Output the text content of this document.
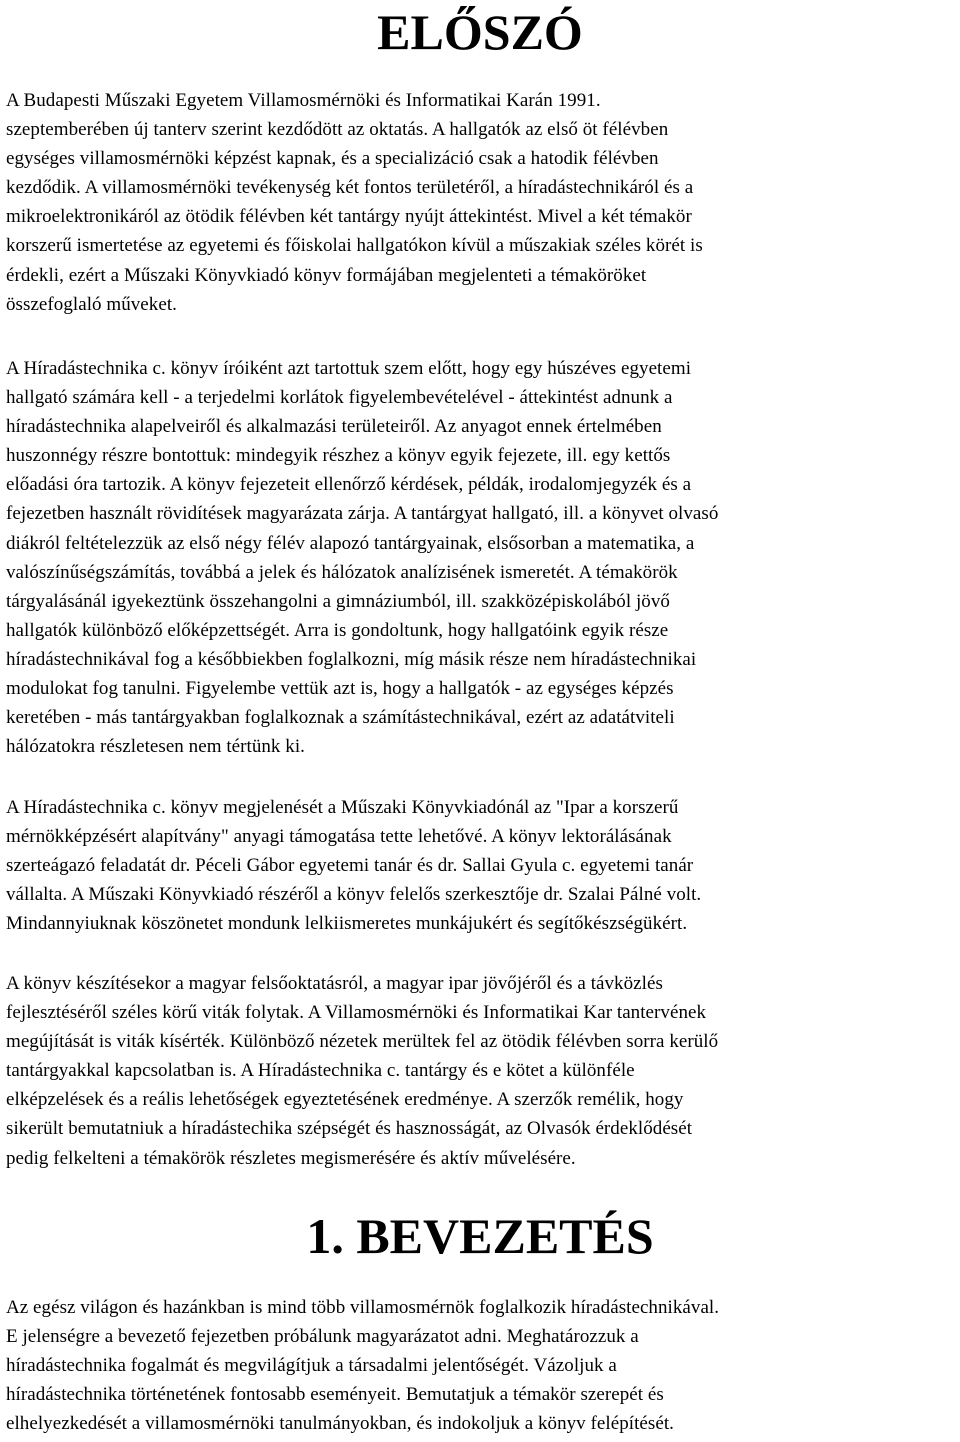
ELŐSZÓ

A Budapesti Műszaki Egyetem Villamosmérnöki és Informatikai Karán 1991.
szeptemberében új tanterv szerint kezdődött az oktatás. A hallgatók az első öt félévben
egységes villamosmérnöki képzést kapnak, és a specializáció csak a hatodik félévben
kezdődik. A villamosmérnöki tevékenység két fontos területéről, a híradástechnikáról és a
mikroelektronikáról az ötödik félévben két tantárgy nyújt áttekintést. Mivel a két témakör
korszerű ismertetése az egyetemi és főiskolai hallgatókon kívül a műszakiak széles körét is
érdekli, ezért a Műszaki Könyvkiadó könyv formájában megjelenteti a témaköröket
összefoglaló műveket.

A Híradástechnika c. könyv íróiként azt tartottuk szem előtt, hogy egy húszéves egyetemi
hallgató számára kell - a terjedelmi korlátok figyelembevételével - áttekintést adnunk a
híradástechnika alapelveiről és alkalmazási területeiről. Az anyagot ennek értelmében
huszonnégy részre bontottuk: mindegyik részhez a könyv egyik fejezete, ill. egy kettős
előadási óra tartozik. A könyv fejezeteit ellenőrző kérdések, példák, irodalomjegyzék és a
fejezetben használt rövidítések magyarázata zárja. A tantárgyat hallgató, ill. a könyvet olvasó
diákról feltételezzük az első négy félév alapozó tantárgyainak, elsősorban a matematika, a
valószínűségszámítás, továbbá a jelek és hálózatok analízisének ismeretét. A témakörök
tárgyalásánál igyekeztünk összehangolni a gimnáziumból, ill. szakközépiskolából jövő
hallgatók különböző előképzettségét. Arra is gondoltunk, hogy hallgatóink egyik része
híradástechnikával fog a későbbiekben foglalkozni, míg másik része nem híradástechnikai
modulokat fog tanulni. Figyelembe vettük azt is, hogy a hallgatók - az egységes képzés
keretében - más tantárgyakban foglalkoznak a számítástechnikával, ezért az adatátviteli
hálózatokra részletesen nem tértünk ki.

A Híradástechnika c. könyv megjelenését a Műszaki Könyvkiadónál az "Ipar a korszerű
mérnökképzésért alapítvány" anyagi támogatása tette lehetővé. A könyv lektorálásának
szerteágazó feladatát dr. Péceli Gábor egyetemi tanár és dr. Sallai Gyula c. egyetemi tanár
vállalta. A Műszaki Könyvkiadó részéről a könyv felelős szerkesztője dr. Szalai Pálné volt.
Mindannyiuknak köszönetet mondunk lelkiismeretes munkájukért és segítőkészségükért.

A könyv készítésekor a magyar felsőoktatásról, a magyar ipar jövőjéről és a távközlés
fejlesztéséről széles körű viták folytak. A Villamosmérnöki és Informatikai Kar tantervének
megújítását is viták kísérték. Különböző nézetek merültek fel az ötödik félévben sorra kerülő
tantárgyakkal kapcsolatban is. A Híradástechnika c. tantárgy és e kötet a különféle
elképzelések és a reális lehetőségek egyeztetésének eredménye. A szerzők remélik, hogy
sikerült bemutatniuk a híradástechika szépségét és hasznosságát, az Olvasók érdeklődését
pedig felkelteni a témakörök részletes megismerésére és aktív művelésére.

1. BEVEZETÉS

Az egész világon és hazánkban is mind több villamosmérnök foglalkozik híradástechnikával.
E jelenségre a bevezető fejezetben próbálunk magyarázatot adni. Meghatározzuk a
híradástechnika fogalmát és megvilágítjuk a társadalmi jelentőségét. Vázoljuk a
híradástechnika történetének fontosabb eseményeit. Bemutatjuk a témakör szerepét és
elhelyezkedését a villamosmérnöki tanulmányokban, és indokoljuk a könyv felépítését.
